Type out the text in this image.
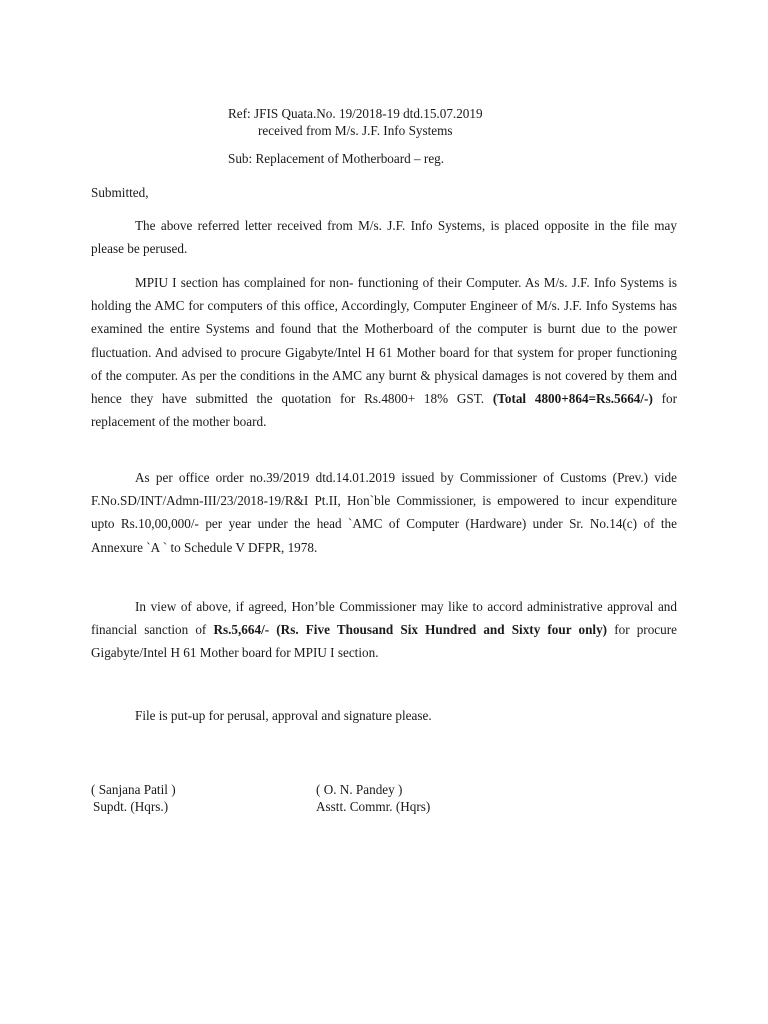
Ref: JFIS Quata.No. 19/2018-19 dtd.15.07.2019
received from M/s. J.F. Info Systems
Sub: Replacement of Motherboard – reg.
Submitted,
The above referred letter received from M/s. J.F. Info Systems, is placed opposite in the file may please be perused.
MPIU I section has complained for non- functioning of their Computer. As M/s. J.F. Info Systems is holding the AMC for computers of this office, Accordingly, Computer Engineer of M/s. J.F. Info Systems has examined the entire Systems and found that the Motherboard of the computer is burnt due to the power fluctuation. And advised to procure Gigabyte/Intel H 61 Mother board for that system for proper functioning of the computer. As per the conditions in the AMC any burnt & physical damages is not covered by them and hence they have submitted the quotation for Rs.4800+ 18% GST. (Total 4800+864=Rs.5664/-) for replacement of the mother board.
As per office order no.39/2019 dtd.14.01.2019 issued by Commissioner of Customs (Prev.) vide F.No.SD/INT/Admn-III/23/2018-19/R&I Pt.II, Hon`ble Commissioner, is empowered to incur expenditure upto Rs.10,00,000/- per year under the head `AMC of Computer (Hardware) under Sr. No.14(c) of the Annexure `A ` to Schedule V DFPR, 1978.
In view of above, if agreed, Hon’ble Commissioner may like to accord administrative approval and financial sanction of Rs.5,664/- (Rs. Five Thousand Six Hundred and Sixty four only) for procure Gigabyte/Intel H 61 Mother board for MPIU I section.
File is put-up for perusal, approval and signature please.
( Sanjana Patil )
Supdt. (Hqrs.)
( O. N. Pandey )
Asstt. Commr. (Hqrs)
